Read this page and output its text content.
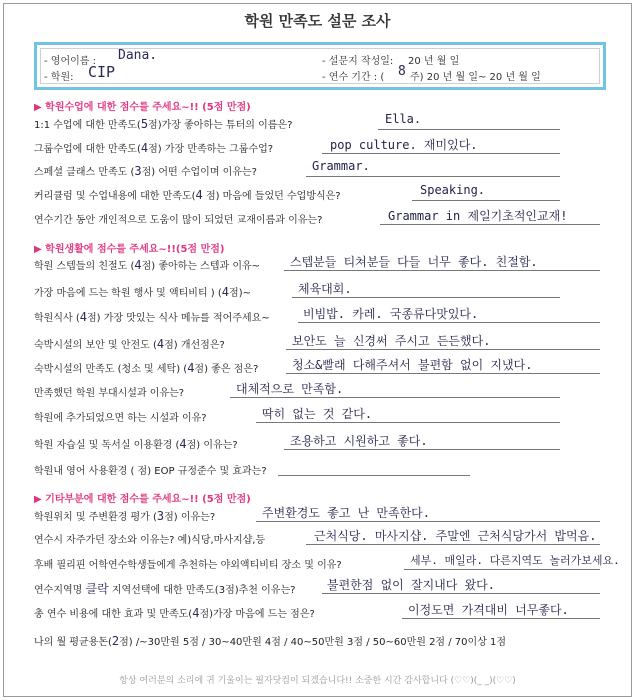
학원 만족도 설문 조사
- 영어이름 : Dana.	- 설문지 작성일: 20 년 월 일
- 학원: CIP	- 연수 기간 : ( 8 주) 20 년 월 일~ 20 년 월 일
▶ 학원수업에 대한 점수를 주세요~!! (5점 만점)
▶ 학원생활에 점수를 주세요~!!(5점 만점)
▶ 기타부분에 대한 점수를 주세요~!! (5점 만점)
1:1 수업에 대한 만족도(5점)가장 좋아하는 튜터의 이름은?	Ella.
그룹수업에 대한 만족도(4점) 가장 만족하는 그룹수업?	pop culture. 재미있다.
스페셜 클래스 만족도 (3점) 어떤 수업이며 이유는?	Grammar.
커리큘럼 및 수업내용에 대한 만족도(4 점) 마음에 들었던 수업방식은?	Speaking.
연수기간 동안 개인적으로 도움이 많이 되었던 교재이름과 이유는?	Grammar in 제일기초적인교재!
학원 스텝들의 친절도 (4점) 좋아하는 스텝과 이유~ 스텝분들 티쳐분들 다들 너무 좋다. 친절함.
가장 마음에 드는 학원 행사 및 액티비티 ) (4점)~	체육대회.
학원식사 (4점) 가장 맛있는 식사 메뉴를 적어주세요~	비빔밥. 카레. 국종류다맛있다.
숙박시설의 보안 및 안전도 (4점) 개선점은?	보안도 늘 신경써 주시고 든든했다.
숙박시설의 만족도 (청소 및 세탁) (4점) 좋은 점은?	청소&빨래 다해주셔서 불편함 없이 지냈다.
만족했던 학원 부대시설과 이유는?	대체적으로 만족함.
학원에 추가되었으면 하는 시설과 이유?	딱히 없는 것 같다.
학원 자습실 및 독서실 이용환경 (4점) 이유는?	조용하고 시원하고 좋다.
학원내 영어 사용환경 ( 점) EOP 규정준수 및 효과는?
학원위치 및 주변환경 평가 (3점) 이유는?	주변환경도 좋고 난 만족한다.
연수시 자주가던 장소와 이유는? 예)식당,마사지샵,등	근처식당. 마사지샵. 주말엔 근처식당가서 밥먹음.
후배 필리핀 어학연수학생들에게 추천하는 야외액티비티 장소 및 이유?	세부. 매일라. 다른지역도 놀러가보세요.
연수지역명 클락 지역선택에 대한 만족도(3점)추천 이유는?	불편한점 없이 잘지내다 왔다.
총 연수 비용에 대한 효과 및 만족도(4점)가장 마음에 드는 점은?	이정도면 가격대비 너무좋다.
나의 월 평균용돈(2점) /~30만원 5점 / 30~40만원 4점 / 40~50만원 3점 / 50~60만원 2점 / 70이상 1점
항상 여러분의 소리에 귀 기울이는 필자닷컴이 되겠습니다!! 소중한 시간 감사합니다 (♡♡)(_ _)(♡♡)
